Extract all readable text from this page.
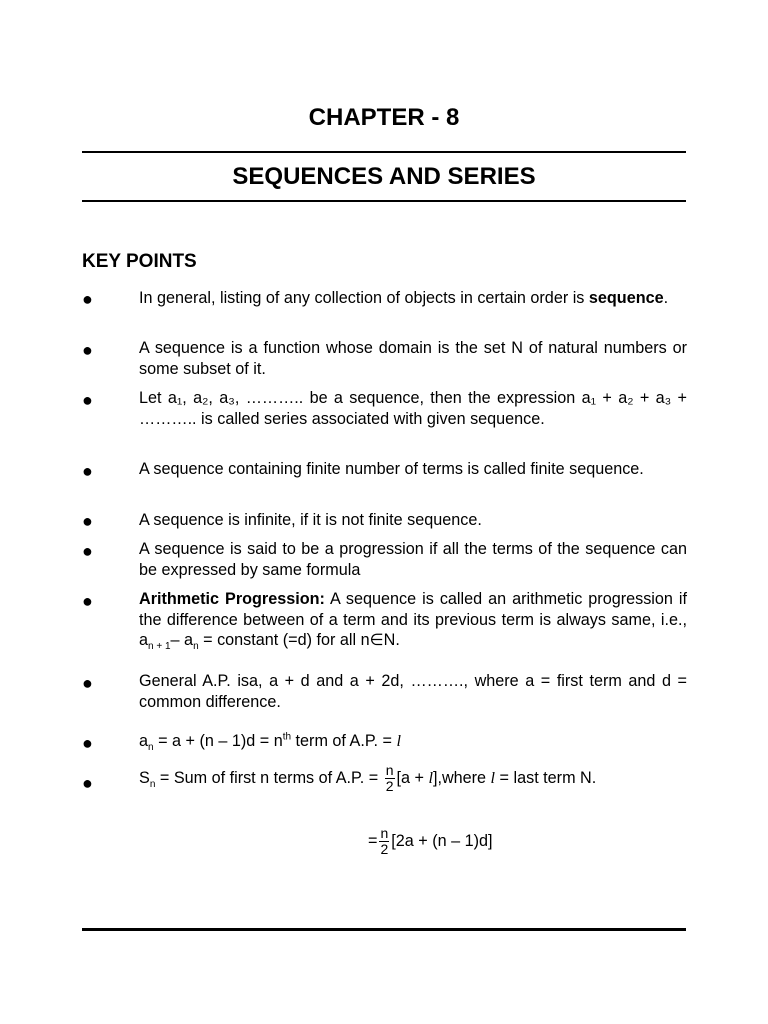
CHAPTER - 8
SEQUENCES AND SERIES
KEY POINTS
●
In general, listing of any collection of objects in certain order is sequence.
●
A sequence is a function whose domain is the set N of natural numbers or some subset of it.
●
Let a₁, a₂, a₃, ……….. be a sequence, then the expression a₁ + a₂ + a₃ + ……….. is called series associated with given sequence.
●
A sequence containing finite number of terms is called finite sequence.
●
A sequence is infinite, if it is not finite sequence.
●
A sequence is said to be a progression if all the terms of the sequence can be expressed by same formula
●
Arithmetic Progression: A sequence is called an arithmetic progression if the difference between of a term and its previous term is always same, i.e., $a_{n + 1}-$ $a_n$ = constant (=d) for all n∈N.
●
General A.P. isa, a + d and a + 2d, ………., where a = first term and d = common difference.
●
$a_n = a + (n - 1)d = n^{th}$ term of A.P. = l
●
$S_n$ = Sum of first n terms of A.P. = $\frac{n}{2} [a$ + l],where l = last term N.
= $\frac{n}{2} [2a + (n - 1)d]$
